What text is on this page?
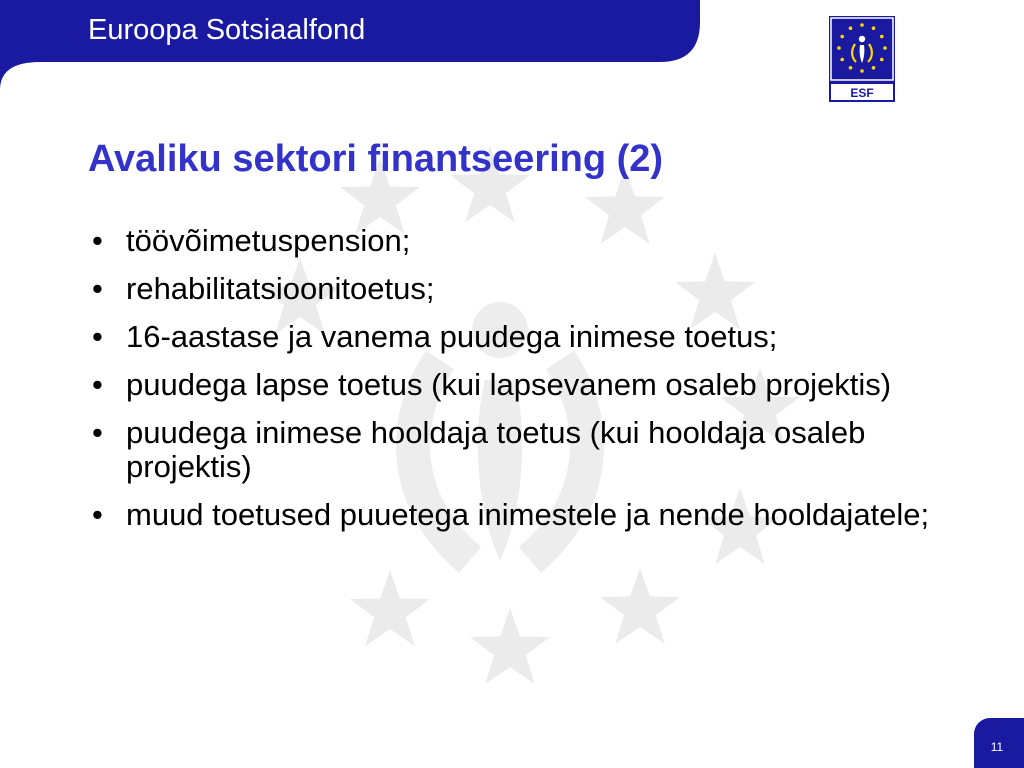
Euroopa Sotsiaalfond
ESF
Avaliku sektori finantseering (2)
• töövõimetuspension;
• rehabilitatsioonitoetus;
• 16-aastase ja vanema puudega inimese toetus;
• puudega lapse toetus (kui lapsevanem osaleb projektis)
• puudega inimese hooldaja toetus (kui hooldaja osaleb projektis)
• muud toetused puuetega inimestele ja nende hooldajatele;
11
